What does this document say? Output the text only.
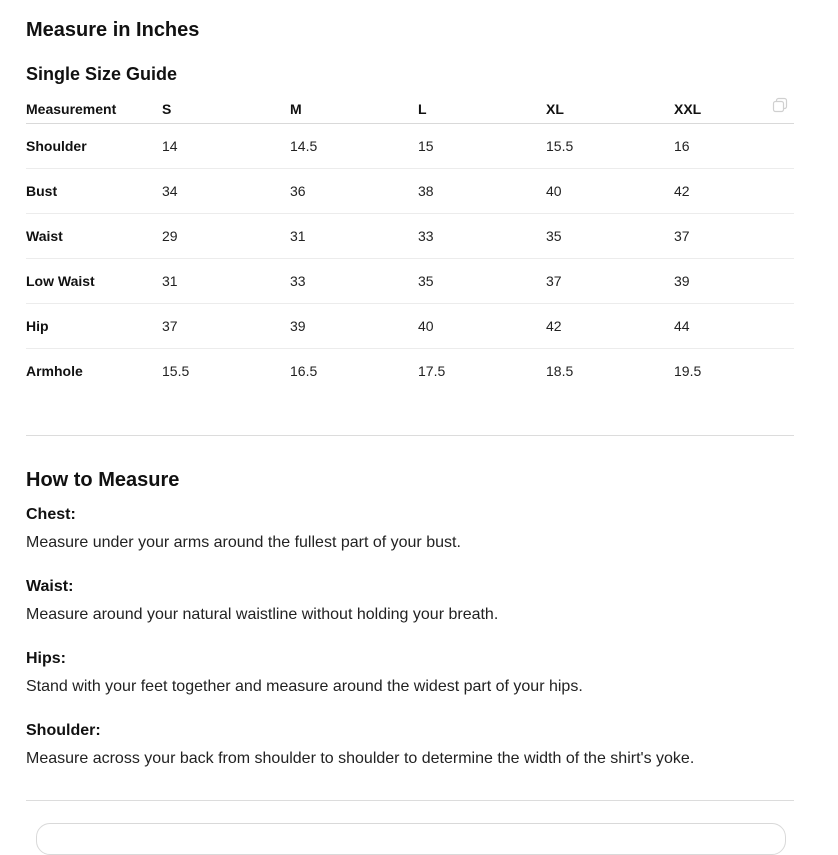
Measure in Inches
Single Size Guide
Measurement	S	M	L	XL	XXL
Shoulder	14	14.5	15	15.5	16
Bust	34	36	38	40	42
Waist	29	31	33	35	37
Low Waist	31	33	35	37	39
Hip	37	39	40	42	44
Armhole	15.5	16.5	17.5	18.5	19.5
How to Measure

Chest:

Measure under your arms around the fullest part of your bust.

Waist:

Measure around your natural waistline without holding your breath.

Hips:

Stand with your feet together and measure around the widest part of your hips.

Shoulder:

Measure across your back from shoulder to shoulder to determine the width of the shirt's yoke.
